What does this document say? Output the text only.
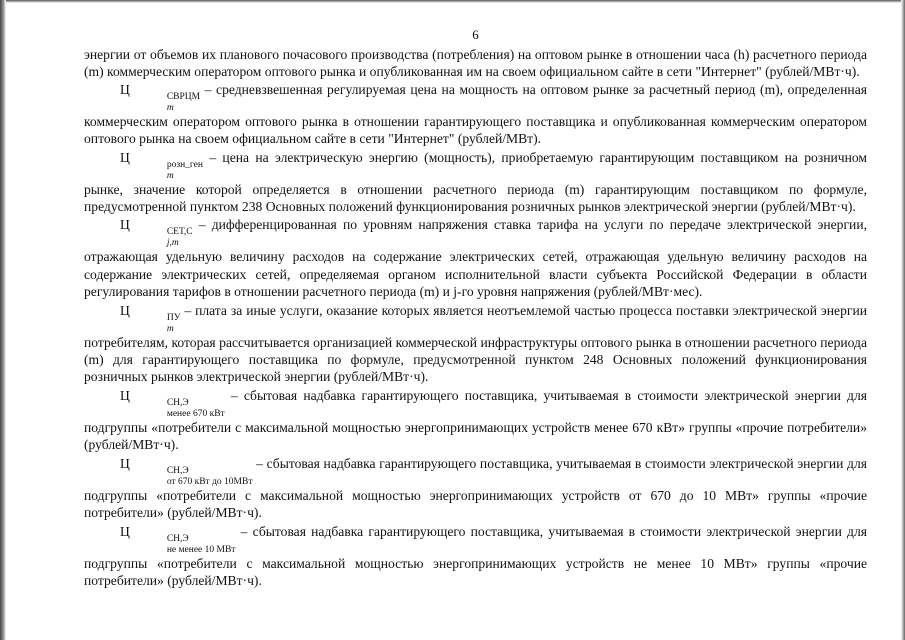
6

энергии от объемов их планового почасового производства (потребления) на оптовом рынке в отношении часа (h) расчетного периода (m) коммерческим оператором оптового рынка и опубликованная им на своем официальном сайте в сети "Интернет" (рублей/МВт·ч).

Ц	СВРЦМ
m
– средневзвешенная регулируемая цена на мощность на оптовом рынке за расчетный период (m), определенная коммерческим оператором оптового рынка в отношении гарантирующего поставщика и опубликованная коммерческим оператором оптового рынка на своем официальном сайте в сети "Интернет" (рублей/МВт).

Ц	розн_ген
m
– цена на электрическую энергию (мощность), приобретаемую гарантирующим поставщиком на розничном рынке, значение которой определяется в отношении расчетного периода (m) гарантирующим поставщиком по формуле, предусмотренной пунктом 238 Основных положений функционирования розничных рынков электрической энергии (рублей/МВт·ч).

Ц	СЕТ,С
j,m
– дифференцированная по уровням напряжения ставка тарифа на услуги по передаче электрической энергии, отражающая удельную величину расходов на содержание электрических сетей, отражающая удельную величину расходов на содержание электрических сетей, определяемая органом исполнительной власти субъекта Российской Федерации в области регулирования тарифов в отношении расчетного периода (m) и j-го уровня напряжения (рублей/МВт·мес).

Ц	ПУ
m
– плата за иные услуги, оказание которых является неотъемлемой частью процесса поставки электрической энергии потребителям, которая рассчитывается организацией коммерческой инфраструктуры оптового рынка в отношении расчетного периода (m) для гарантирующего поставщика по формуле, предусмотренной пунктом 248 Основных положений функционирования розничных рынков электрической энергии (рублей/МВт·ч).

Ц	СН,Э
менее 670 кВт
– сбытовая надбавка гарантирующего поставщика, учитываемая в стоимости электрической энергии для подгруппы «потребители с максимальной мощностью энергопринимающих устройств менее 670 кВт» группы «прочие потребители» (рублей/МВт·ч).

Ц	СН,Э
от 670 кВт до 10МВт
– сбытовая надбавка гарантирующего поставщика, учитываемая в стоимости электрической энергии для подгруппы «потребители с максимальной мощностью энергопринимающих устройств от 670 до 10 МВт» группы «прочие потребители» (рублей/МВт·ч).

Ц	СН,Э
не менее 10 МВт
– сбытовая надбавка гарантирующего поставщика, учитываемая в стоимости электрической энергии для подгруппы «потребители с максимальной мощностью энергопринимающих устройств не менее 10 МВт» группы «прочие потребители» (рублей/МВт·ч).
